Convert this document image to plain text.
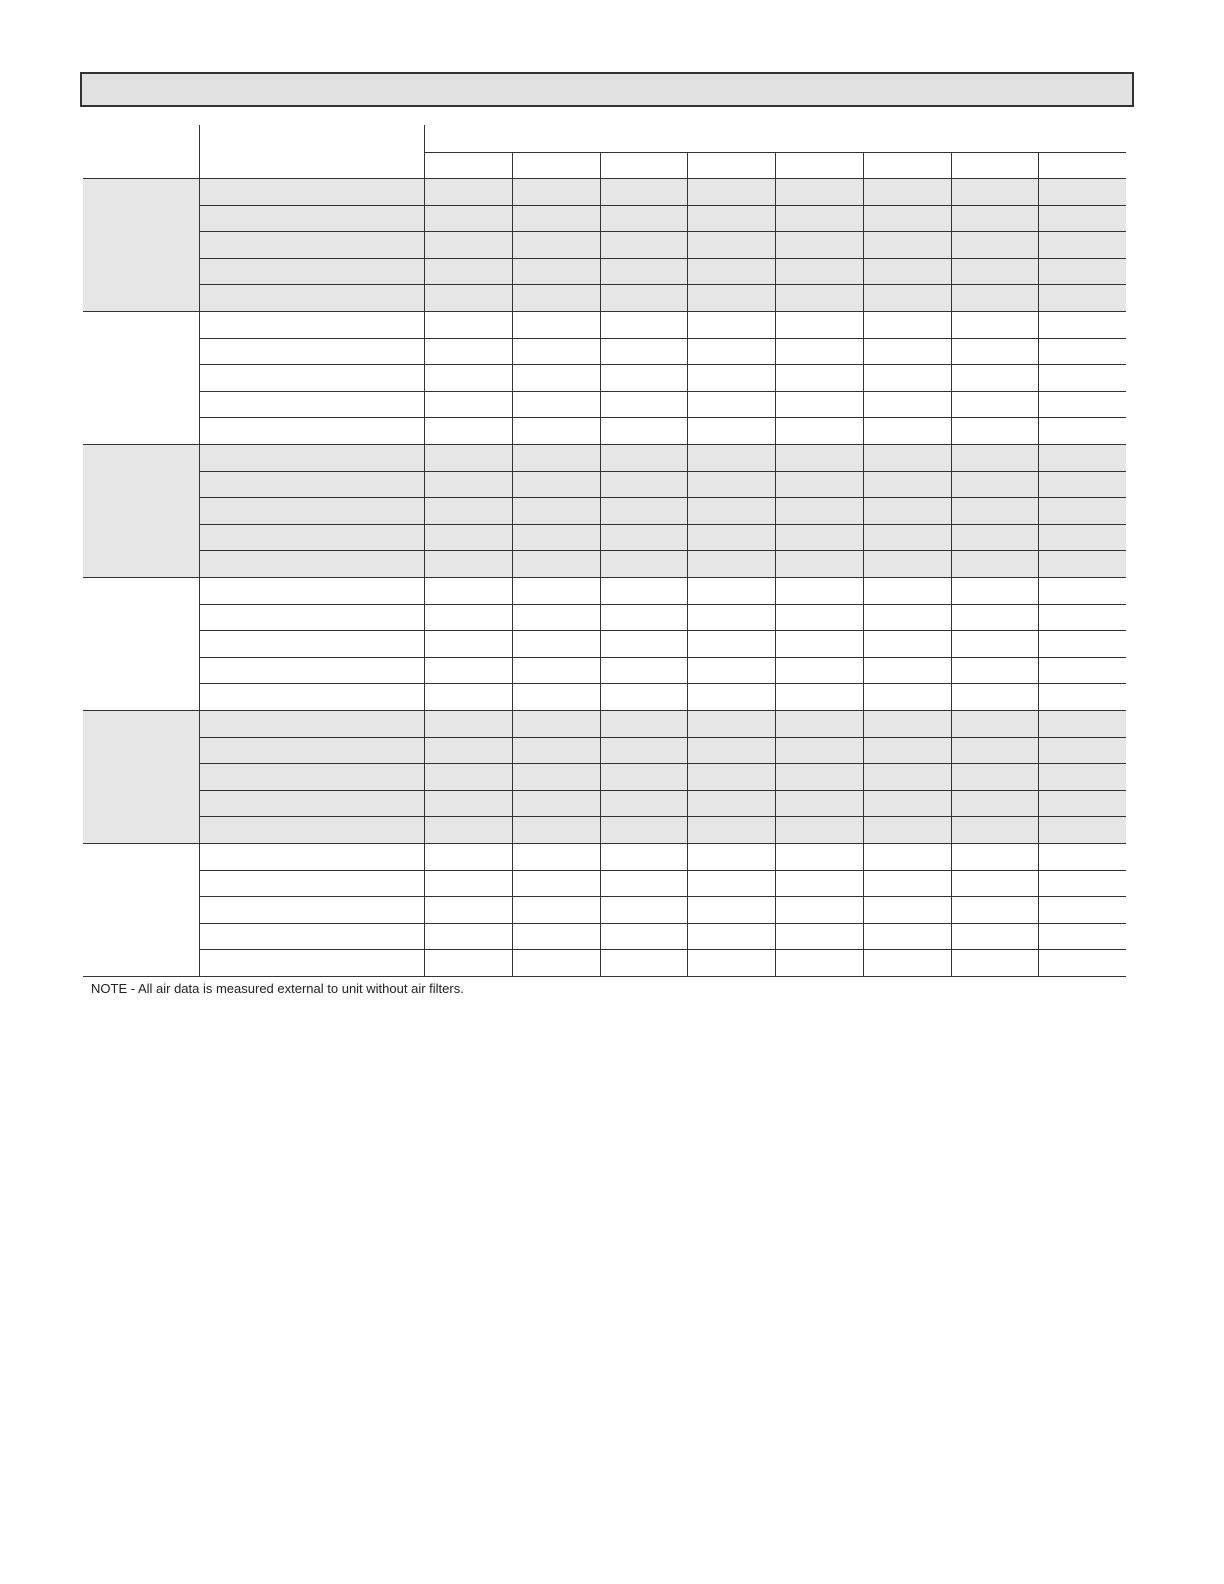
NOTE - All air data is measured external to unit without air filters.
